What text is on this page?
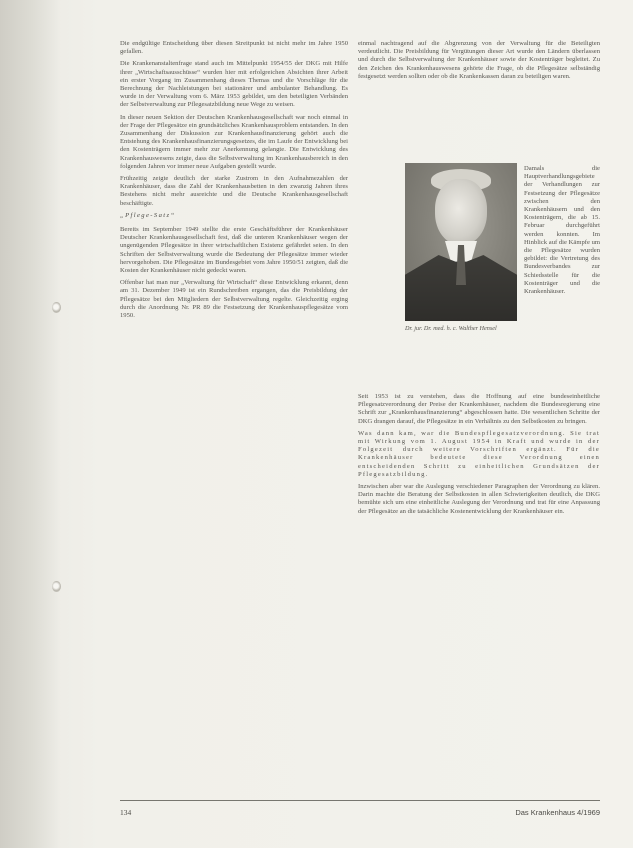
Die endgültige Entscheidung über diesen Streitpunkt ist nicht mehr im Jahre 1950 gefallen.

Die Krankenanstaltenfrage stand auch im Mittelpunkt 1954/55 der DKG mit Hilfe ihrer „Wirtschaftsausschüsse“ wurden hier mit erfolgreichen Absichten ihrer Arbeit ein erster Vorgang im Zusammenhang dieses Themas und die Vorschläge für die Berechnung der Nachleistungen bei stationärer und ambulanter Behandlung. Es wurde in der Verwaltung vom 6. März 1953 gebildet, um den beteiligten Verbänden der Selbstverwaltung zur Pflegesatzbildung neue Wege zu weisen.

In dieser neuen Sektion der Deutschen Krankenhausgesellschaft war noch einmal in der Frage der Pflegesätze ein grundsätzliches Krankenhausproblem entstanden. In den Zusammenhang der Diskussion zur Krankenhausfinanzierung gehört auch die Entstehung des Krankenhausfinanzierungsgesetzes, die im Laufe der Entwicklung bei den Kostenträgern immer mehr zur Anerkennung gelangte. Die Entwicklung des Krankenhauswesens zeigte, dass die Selbstverwaltung im Krankenhausbereich in den folgenden Jahren vor immer neue Aufgaben gestellt wurde.

Frühzeitig zeigte deutlich der starke Zustrom in den Aufnahmezahlen der Krankenhäuser, dass die Zahl der Krankenhausbetten in den zwanzig Jahren ihres Bestehens nicht mehr ausreichte und die Deutsche Krankenhausgesellschaft beschäftigte.

„Pflege-Satz“

Bereits im September 1949 stellte die erste Geschäftsführer der Krankenhäuser Deutscher Krankenhausgesellschaft fest, daß die unteren Krankenhäuser wegen der ungenügenden Pflegesätze in ihrer wirtschaftlichen Existenz gefährdet seien. In den Schriften der Selbstverwaltung wurde die Bedeutung der Pflegesätze immer wieder hervorgehoben. Die Pflegesätze im Bundesgebiet vom Jahre 1950/51 zeigten, daß die Kosten der Krankenhäuser nicht gedeckt waren.

Offenbar hat man nur „Verwaltung für Wirtschaft“ diese Entwicklung erkannt, denn am 31. Dezember 1949 ist ein Rundschreiben ergangen, das die Preisbildung der Pflegesätze bei den Mitgliedern der Selbstverwaltung regelte. Gleichzeitig erging durch die Anordnung Nr. PR 89 die Festsetzung der Krankenhauspflegesätze vom 1950.

einmal nachtragend auf die Abgrenzung von der Verwaltung für die Beteiligten verdeutlicht. Die Preisbildung für Vergütungen dieser Art wurde den Ländern überlassen und durch die Selbstverwaltung der Krankenhäuser sowie der Kostenträger begleitet. Zu den Zeichen des Krankenhauswesens gehörte die Frage, ob die Pflegesätze selbständig festgesetzt werden sollten oder ob die Krankenkassen daran zu beteiligen waren.

Dr. jur. Dr. med. h. c. Walther Hensel

Damals die Hauptverhandlungsgebiete der Verhandlungen zur Festsetzung der Pflegesätze zwischen den Krankenhäusern und den Kostenträgern, die ab 15. Februar durchgeführt werden konnten. Im Hinblick auf die Kämpfe um die Pflegesätze wurden gebildet: die Vertretung des Bundesverbandes zur Schiedsstelle für die Kostenträger und die Krankenhäuser.

Seit 1953 ist zu verstehen, dass die Hoffnung auf eine bundeseinheitliche Pflegesatzverordnung der Preise der Krankenhäuser, nachdem die Bundesregierung eine Schrift zur „Krankenhausfinanzierung“ abgeschlossen hatte. Die wesentlichen Schritte der DKG drangen darauf, die Pflegesätze in ein Verhältnis zu den Selbstkosten zu bringen.

Was dann kam, war die Bundespflegesatzverordnung. Sie trat mit Wirkung vom 1. August 1954 in Kraft und wurde in der Folgezeit durch weitere Vorschriften ergänzt. Für die Krankenhäuser bedeutete diese Verordnung einen entscheidenden Schritt zu einheitlichen Grundsätzen der Pflegesatzbildung.

Inzwischen aber war die Auslegung verschiedener Paragraphen der Verordnung zu klären. Darin machte die Beratung der Selbstkosten in allen Schwierigkeiten deutlich, die DKG bemühte sich um eine einheitliche Auslegung der Verordnung und trat für eine Anpassung der Pflegesätze an die tatsächliche Kostenentwicklung der Krankenhäuser ein.

134	Das Krankenhaus 4/1969
